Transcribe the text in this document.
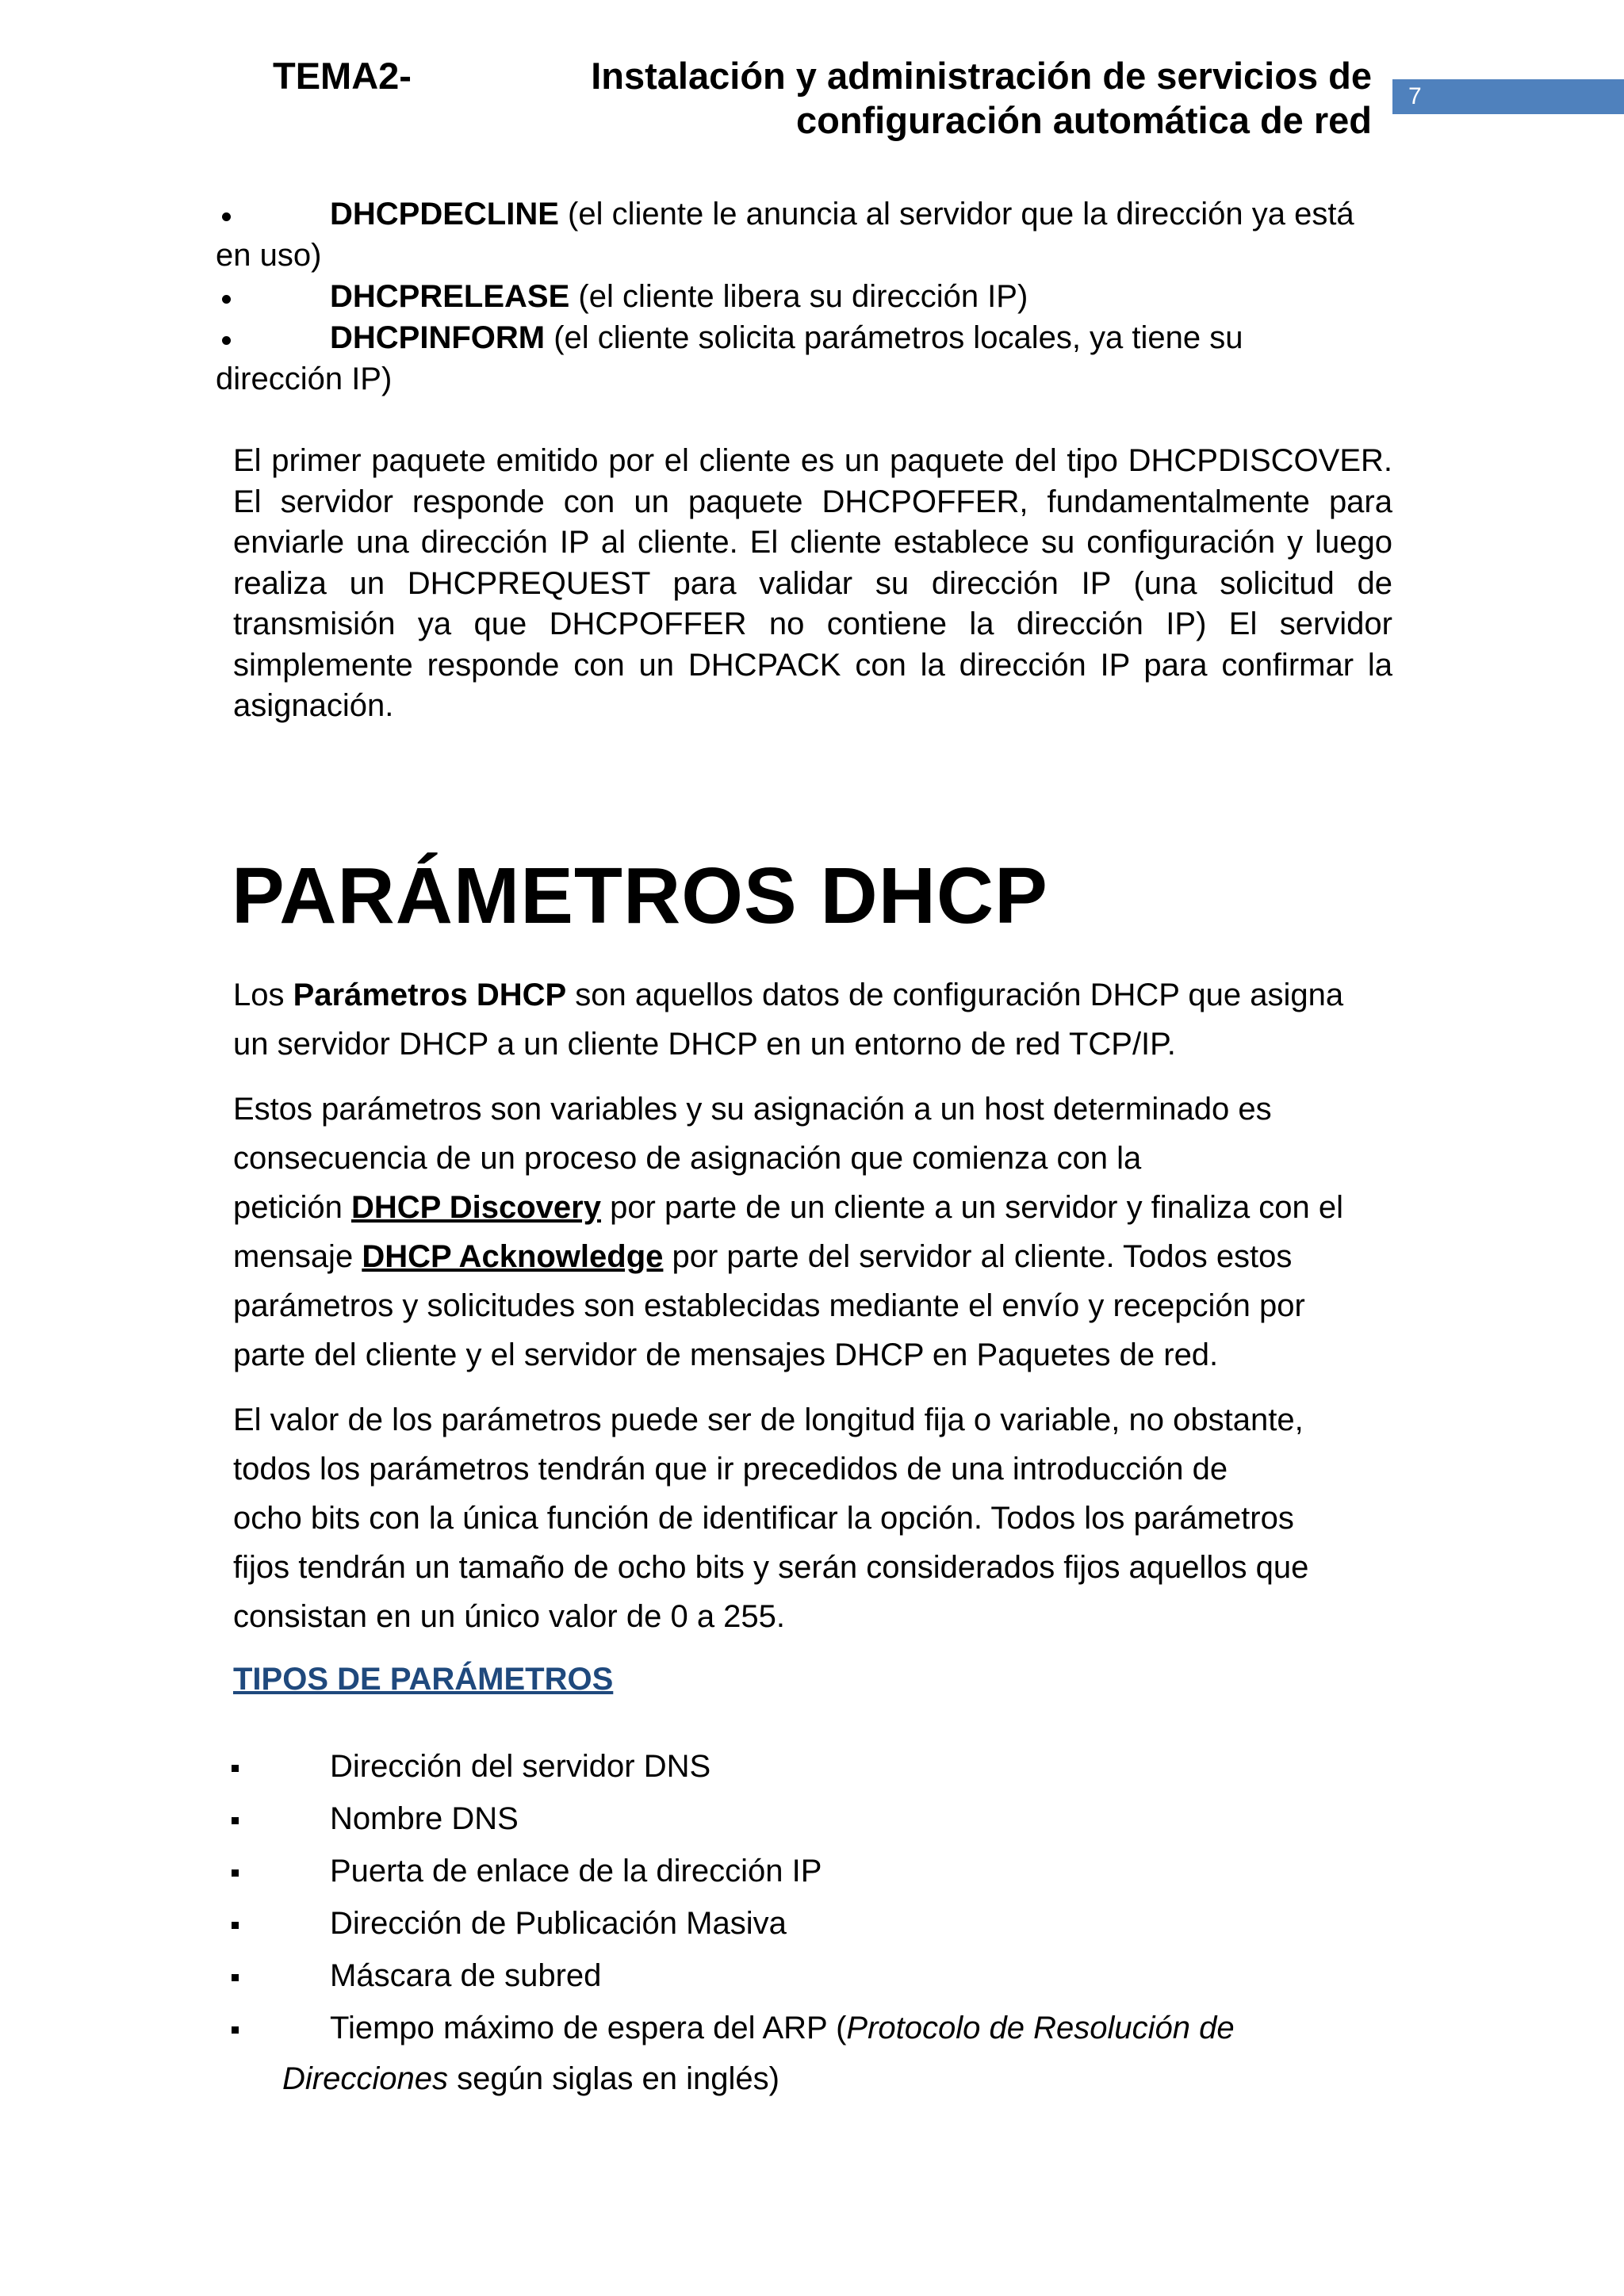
TEMA2-	Instalación y administración de servicios de
configuración automática de red
7
DHCPDECLINE (el cliente le anuncia al servidor que la dirección ya está
en uso)
DHCPRELEASE (el cliente libera su dirección IP)
DHCPINFORM (el cliente solicita parámetros locales, ya tiene su
dirección IP)

El primer paquete emitido por el cliente es un paquete del tipo DHCPDISCOVER. El servidor responde con un paquete DHCPOFFER, fundamentalmente para enviarle una dirección IP al cliente. El cliente establece su configuración y luego realiza un DHCPREQUEST para validar su dirección IP (una solicitud de transmisión ya que DHCPOFFER no contiene la dirección IP) El servidor simplemente responde con un DHCPACK con la dirección IP para confirmar la asignación.

PARÁMETROS DHCP

Los Parámetros DHCP son aquellos datos de configuración DHCP que asigna
un servidor DHCP a un cliente DHCP en un entorno de red TCP/IP.

Estos parámetros son variables y su asignación a un host determinado es
consecuencia de un proceso de asignación que comienza con la
petición DHCP Discovery por parte de un cliente a un servidor y finaliza con el
mensaje DHCP Acknowledge por parte del servidor al cliente. Todos estos
parámetros y solicitudes son establecidas mediante el envío y recepción por
parte del cliente y el servidor de mensajes DHCP en Paquetes de red.

El valor de los parámetros puede ser de longitud fija o variable, no obstante,
todos los parámetros tendrán que ir precedidos de una introducción de
ocho bits con la única función de identificar la opción. Todos los parámetros
fijos tendrán un tamaño de ocho bits y serán considerados fijos aquellos que
consistan en un único valor de 0 a 255.

TIPOS DE PARÁMETROS

Dirección del servidor DNS
Nombre DNS
Puerta de enlace de la dirección IP
Dirección de Publicación Masiva
Máscara de subred
Tiempo máximo de espera del ARP (Protocolo de Resolución de
Direcciones según siglas en inglés)
